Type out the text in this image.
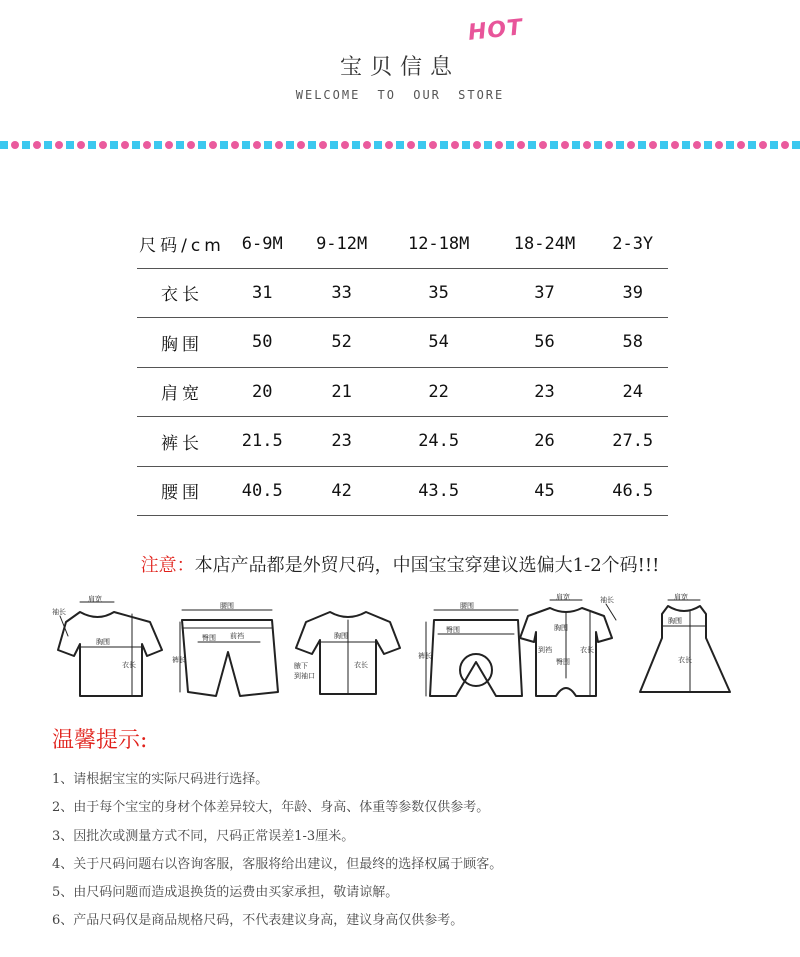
宝贝信息
HOT
WELCOME TO OUR STORE
尺码/cm	6-9M	9-12M	12-18M	18-24M	2-3Y
衣长	31	33	35	37	39
胸围	50	52	54	56	58
肩宽	20	21	22	23	24
裤长	21.5	23	24.5	26	27.5
腰围	40.5	42	43.5	45	46.5
注意：本店产品都是外贸尺码，中国宝宝穿建议选偏大1-2个码!!!
肩宽
袖长
胸围
衣长
腰围
臀围 前裆
裤长
胸围
衣长
腋下
到袖口
腰围
臀围
裤长
肩宽	袖长
胸围
衣长
臀围
到裆
肩宽
胸围
衣长
温馨提示:
1、请根据宝宝的实际尺码进行选择。
2、由于每个宝宝的身材个体差异较大，年龄、身高、体重等参数仅供参考。
3、因批次或测量方式不同，尺码正常误差1-3厘米。
4、关于尺码问题右以咨询客服，客服将给出建议，但最终的选择权属于顾客。
5、由尺码问题而造成退换货的运费由买家承担，敬请谅解。
6、产品尺码仅是商品规格尺码，不代表建议身高，建议身高仅供参考。
